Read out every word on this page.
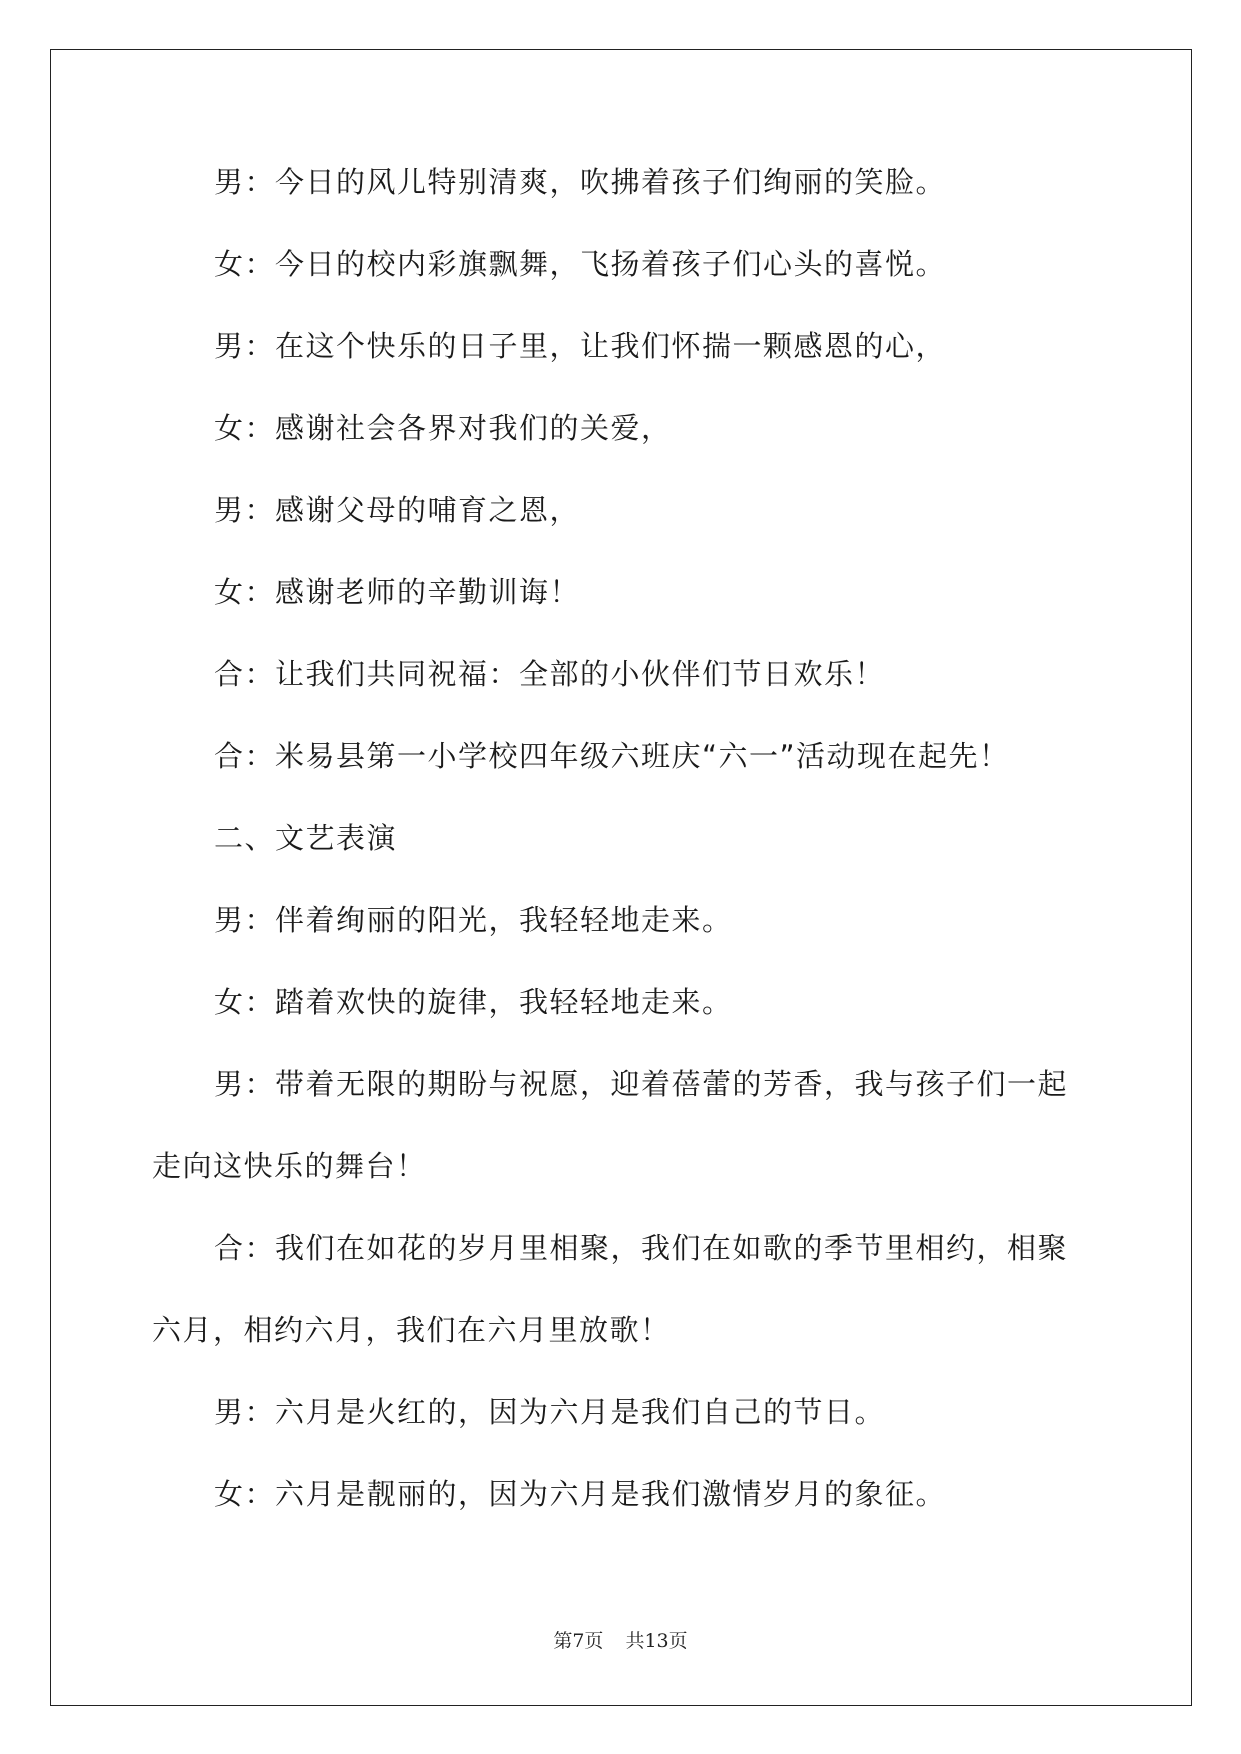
男：今日的风儿特别清爽，吹拂着孩子们绚丽的笑脸。

女：今日的校内彩旗飘舞，飞扬着孩子们心头的喜悦。

男：在这个快乐的日子里，让我们怀揣一颗感恩的心，

女：感谢社会各界对我们的关爱，

男：感谢父母的哺育之恩，

女：感谢老师的辛勤训诲！

合：让我们共同祝福：全部的小伙伴们节日欢乐！

合：米易县第一小学校四年级六班庆“六一”活动现在起先！

二、文艺表演

男：伴着绚丽的阳光，我轻轻地走来。

女：踏着欢快的旋律，我轻轻地走来。

男：带着无限的期盼与祝愿，迎着蓓蕾的芳香，我与孩子们一起

走向这快乐的舞台！

合：我们在如花的岁月里相聚，我们在如歌的季节里相约，相聚

六月，相约六月，我们在六月里放歌！

男：六月是火红的，因为六月是我们自己的节日。

女：六月是靓丽的，因为六月是我们激情岁月的象征。

第7页 共13页
